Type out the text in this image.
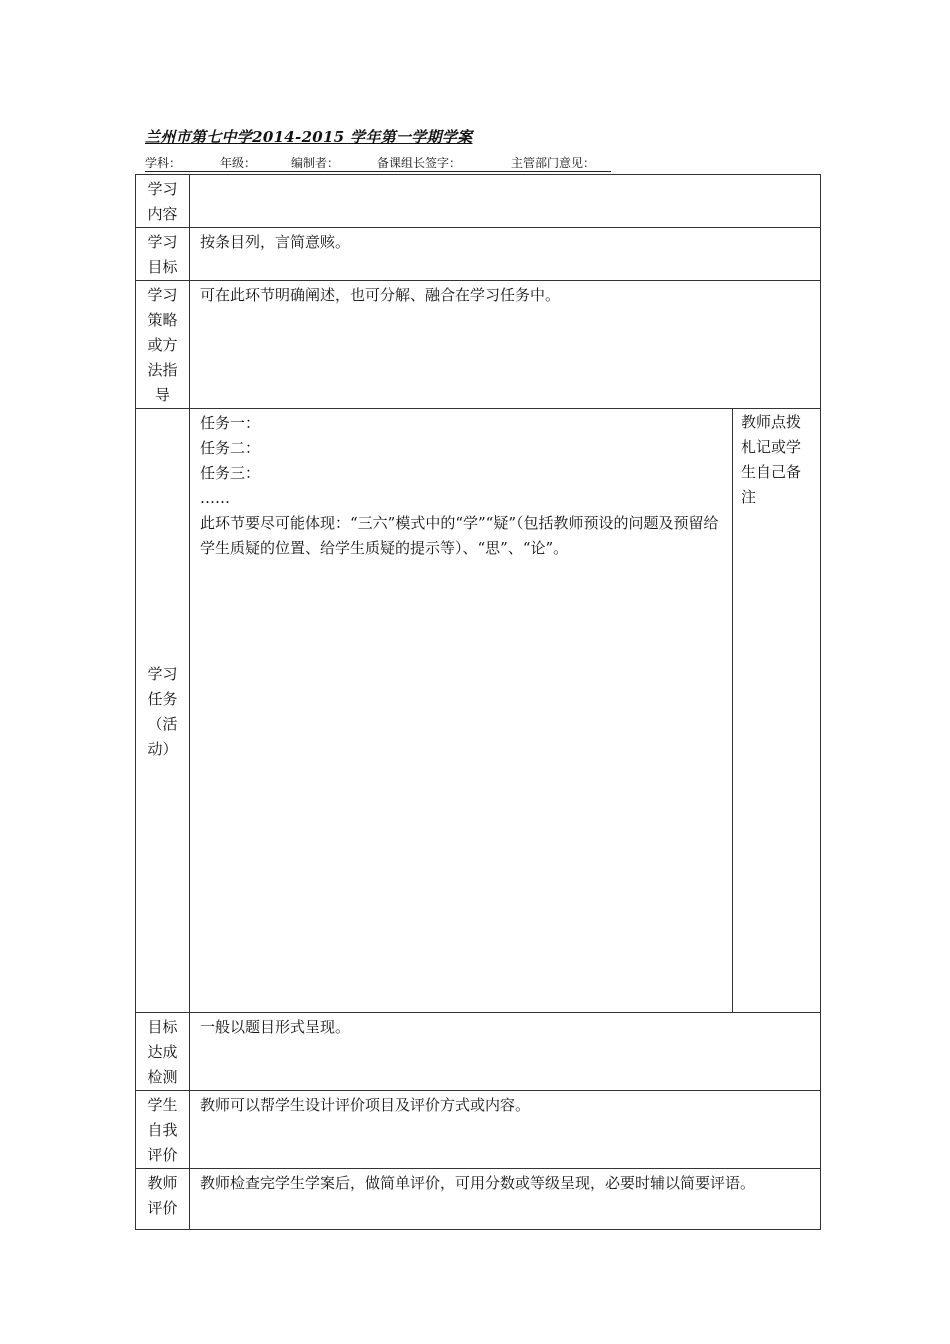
兰州市第七中学2014-2015 学年第一学期学案
学科：	年级：	编制者：	备课组长签字：	主管部门意见：
学习内容		
学习目标	按条目列，言简意赅。	
学习策略或方法指导	可在此环节明确阐述，也可分解、融合在学习任务中。	
学习任务（活动）	任务一：
任务二：
任务三：
……
此环节要尽可能体现：“三六”模式中的“学”“疑”（包括教师预设的问题及预留给学生质疑的位置、给学生质疑的提示等）、“思”、“论”。	教师点拨札记或学生自己备注
目标达成检测	一般以题目形式呈现。	
学生自我评价	教师可以帮学生设计评价项目及评价方式或内容。	
教师评价	教师检查完学生学案后，做简单评价，可用分数或等级呈现，必要时辅以简要评语。	
